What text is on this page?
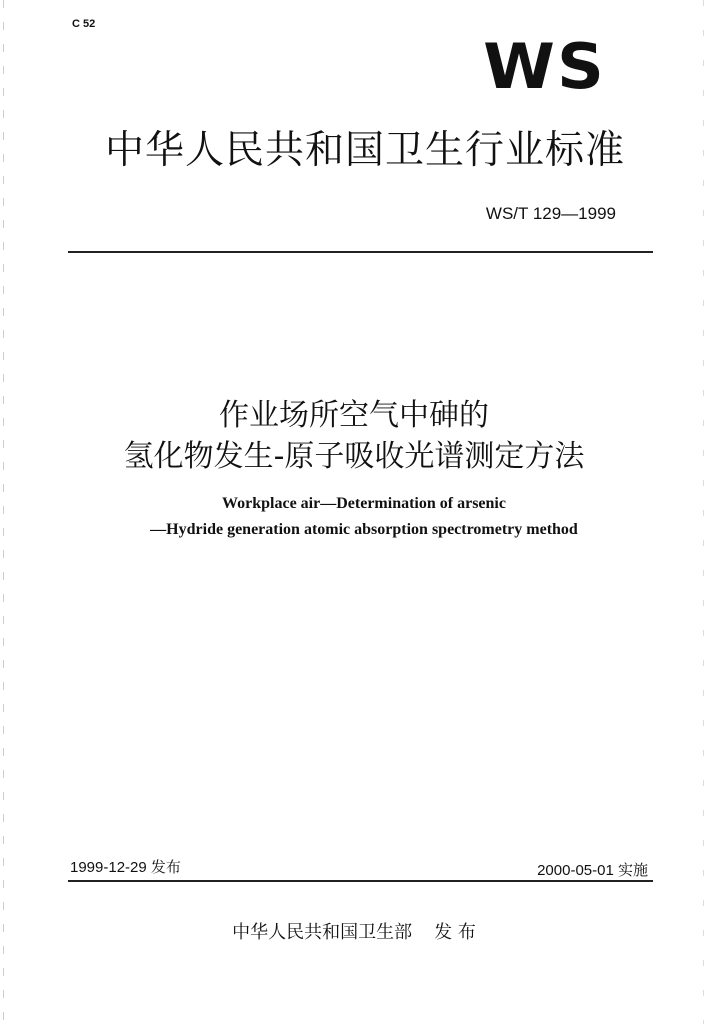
C 52
WS
中华人民共和国卫生行业标准
WS/T 129—1999
作业场所空气中砷的
氢化物发生-原子吸收光谱测定方法
Workplace air—Determination of arsenic
—Hydride generation atomic absorption spectrometry method
1999-12-29 发布	2000-05-01 实施
中华人民共和国卫生部 发 布
